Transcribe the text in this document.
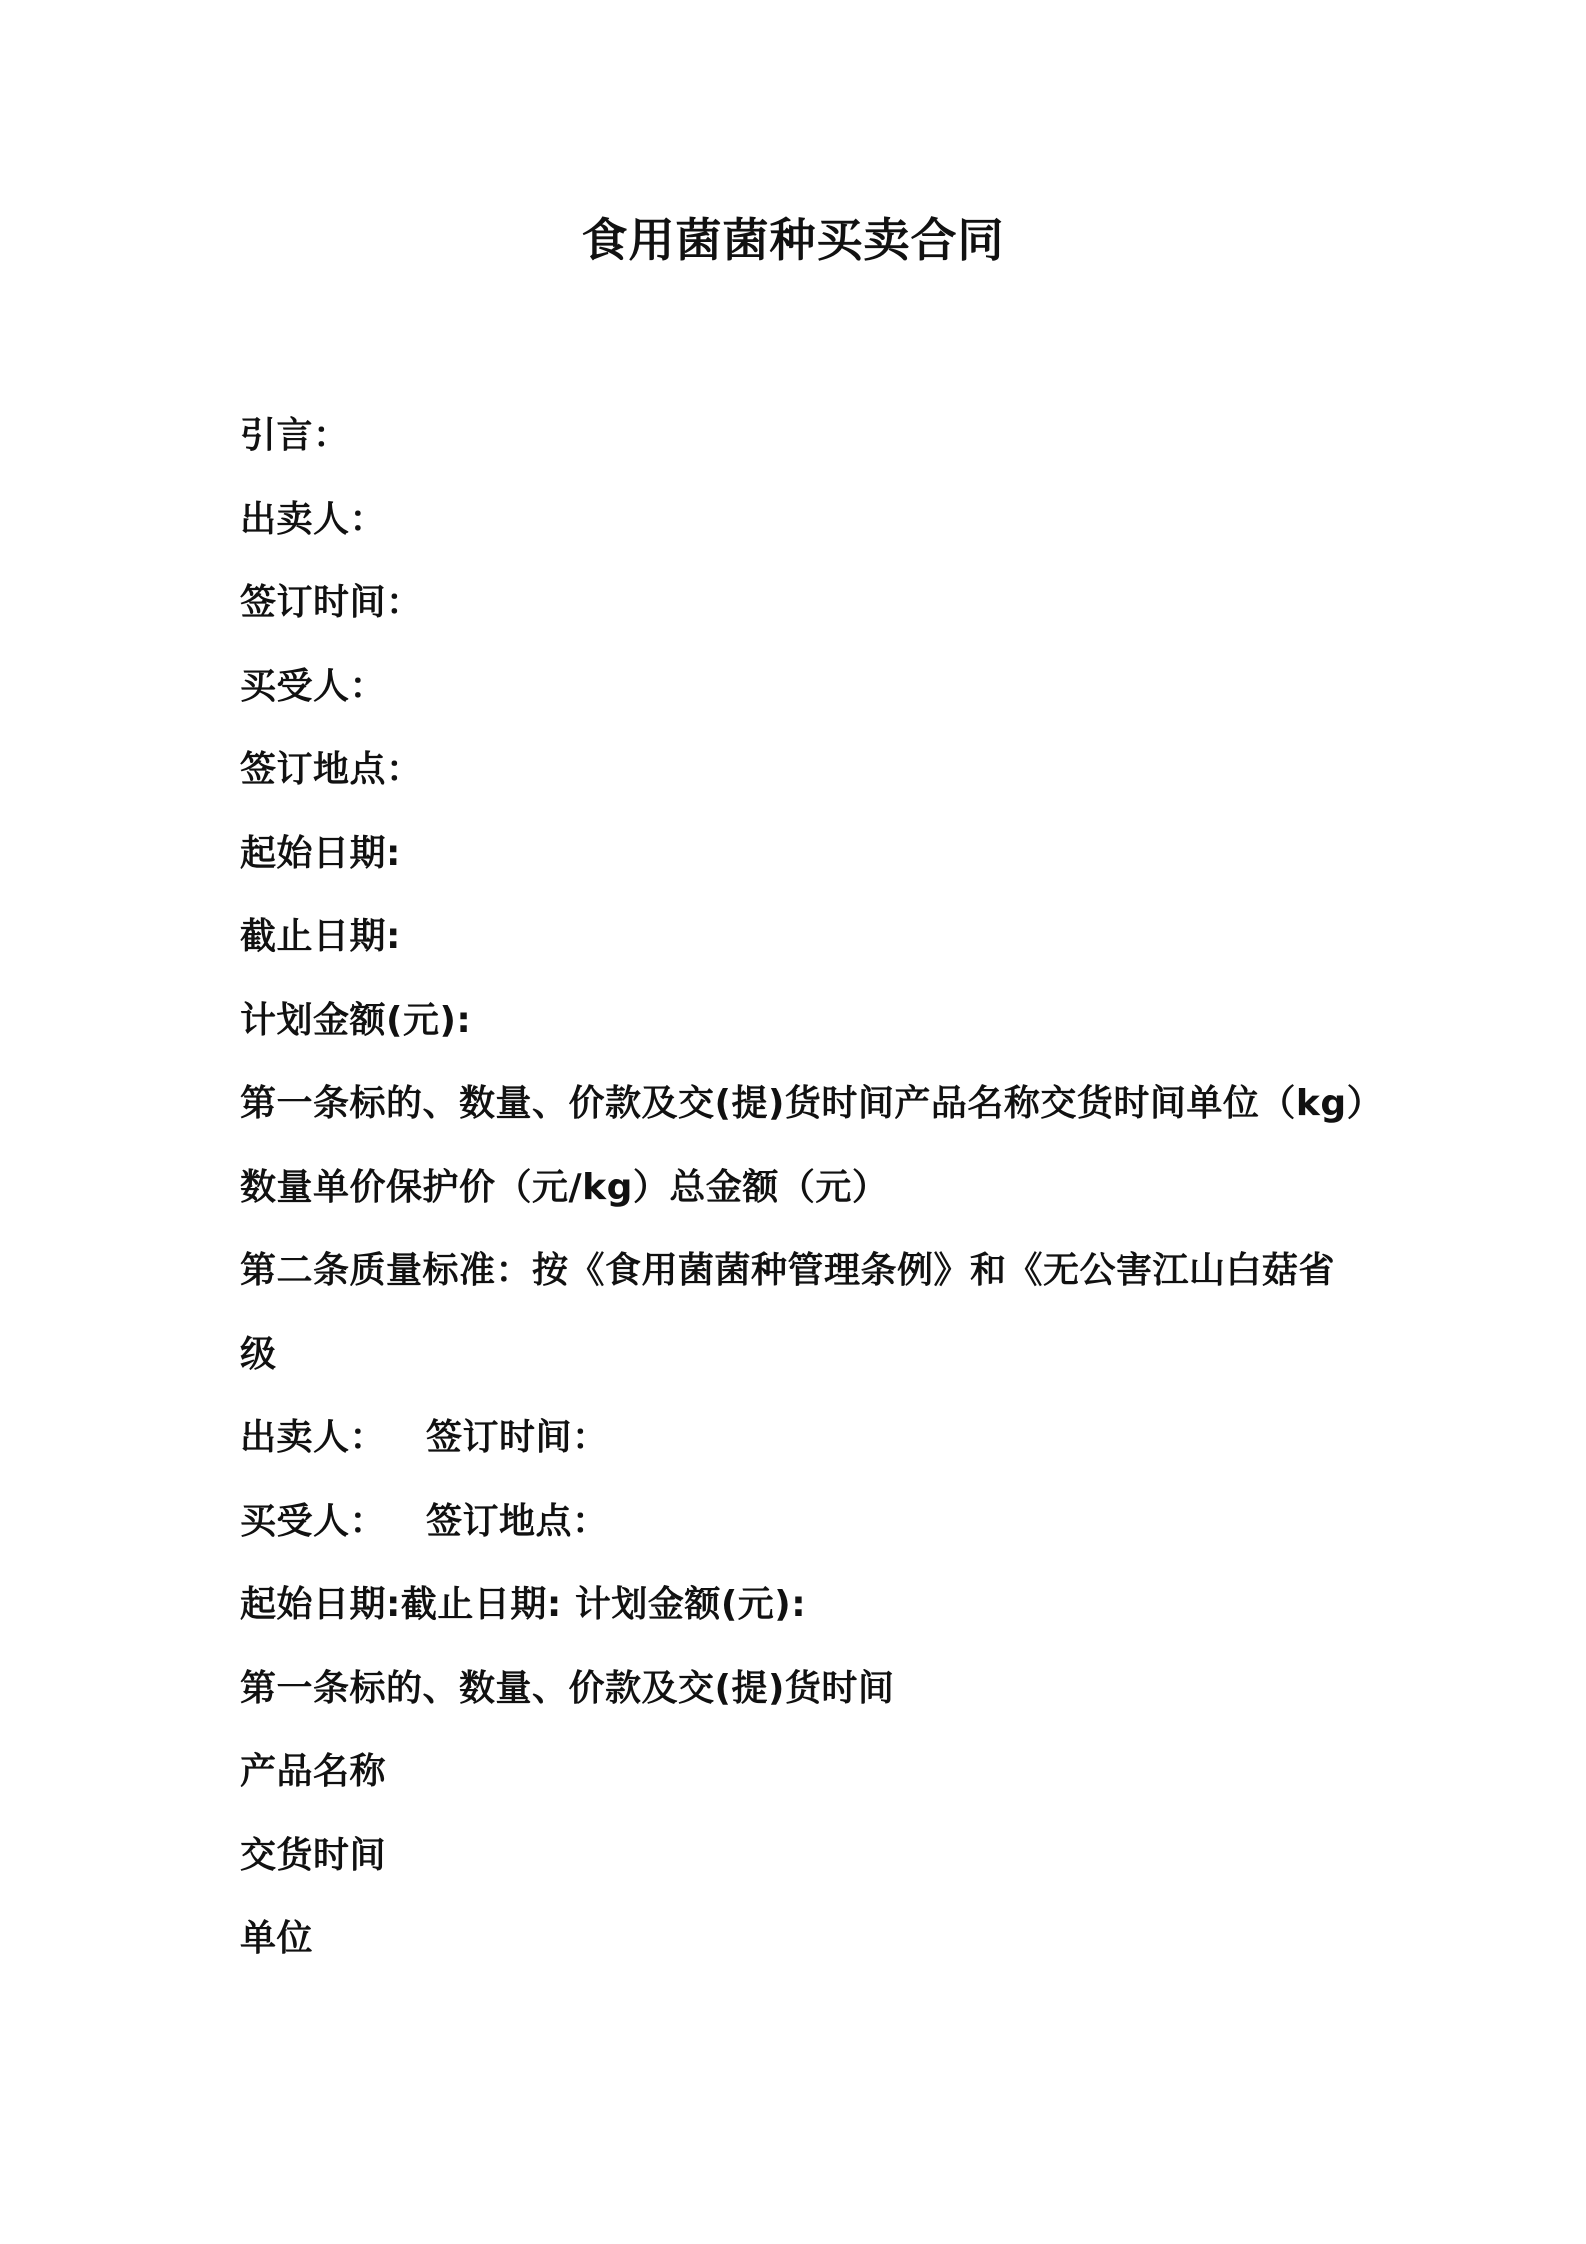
食用菌菌种买卖合同
引言：
出卖人：
签订时间：
买受人：
签订地点：
起始日期:
截止日期:
计划金额(元):
第一条标的、数量、价款及交(提)货时间产品名称交货时间单位（kg）
数量单价保护价（元/kg）总金额（元）
第二条质量标准：按《食用菌菌种管理条例》和《无公害江山白菇省
级
出卖人： 签订时间：
买受人： 签订地点：
起始日期:截止日期: 计划金额(元):
第一条标的、数量、价款及交(提)货时间
产品名称
交货时间
单位
